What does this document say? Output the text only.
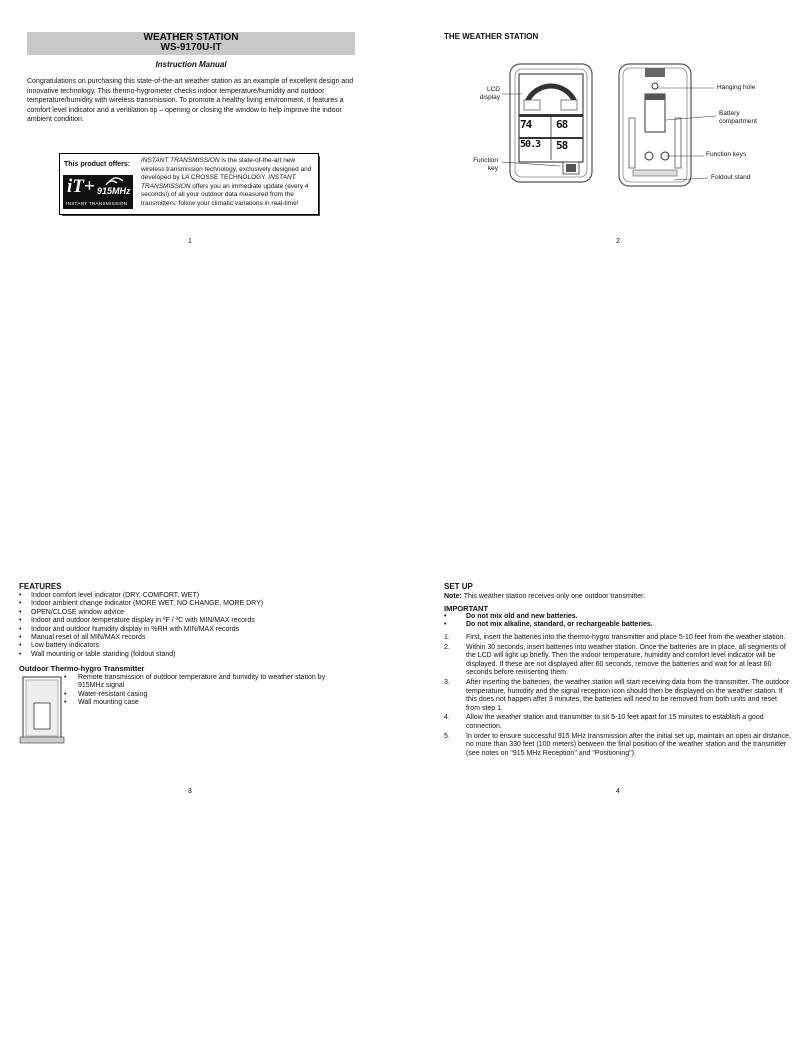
WEATHER STATION
WS-9170U-IT
Instruction Manual
Congratulations on purchasing this state-of-the-art weather station as an example of excellent design and innovative technology. This thermo-hygrometer checks indoor temperature/humidity and outdoor temperature/humidity with wireless transmission. To promote a healthy living environment, it features a comfort level indicator and a ventilation tip – opening or closing the window to help improve the indoor ambient condition.
This product offers:
iT+ 915MHz
INSTANT TRANSMISSION
INSTANT TRANSMISSION is the state-of-the-art new wireless transmission technology, exclusively designed and developed by LA CROSSE TECHNOLOGY. INSTANT TRANSMISSION offers you an immediate update (every 4 seconds!) of all your outdoor data measured from the transmitters: follow your climatic variations in real-time!
1
THE WEATHER STATION
74 68
50.3 58
LCD display
Function key
Hanging hole
Battery compartment
Function keys
Foldout stand
2
FEATURES
• Indoor comfort level indicator (DRY, COMFORT, WET)
• Indoor ambient change indicator (MORE WET, NO CHANGE, MORE DRY)
• OPEN/CLOSE window advice
• Indoor and outdoor temperature display in ºF / ºC with MIN/MAX records
• Indoor and outdoor humidity display in %RH with MIN/MAX records
• Manual reset of all MIN/MAX records
• Low battery indicators
• Wall mounting or table standing (foldout stand)
Outdoor Thermo-hygro Transmitter
• Remote transmission of outdoor temperature and humidity to weather station by 915MHz signal
• Water-resistant casing
• Wall mounting case
3
SET UP
Note: This weather station receives only one outdoor transmitter.
IMPORTANT
• Do not mix old and new batteries.
• Do not mix alkaline, standard, or rechargeable batteries.
1. First, insert the batteries into the thermo-hygro transmitter and place 5-10 feet from the weather station.
2. Within 30 seconds, insert batteries into weather station. Once the batteries are in place, all segments of the LCD will light up briefly. Then the indoor temperature, humidity and comfort level indicator will be displayed. If these are not displayed after 60 seconds, remove the batteries and wait for at least 60 seconds before reinserting them.
3. After inserting the batteries, the weather station will start receiving data from the transmitter. The outdoor temperature, humidity and the signal reception icon should then be displayed on the weather station. If this does not happen after 3 minutes, the batteries will need to be removed from both units and reset from step 1.
4. Allow the weather station and transmitter to sit 5-10 feet apart for 15 minutes to establish a good connection.
5. In order to ensure successful 915 MHz transmission after the initial set up, maintain an open air distance, no more than 330 feet (100 meters) between the final position of the weather station and the transmitter (see notes on "915 MHz Reception" and "Positioning").
4
